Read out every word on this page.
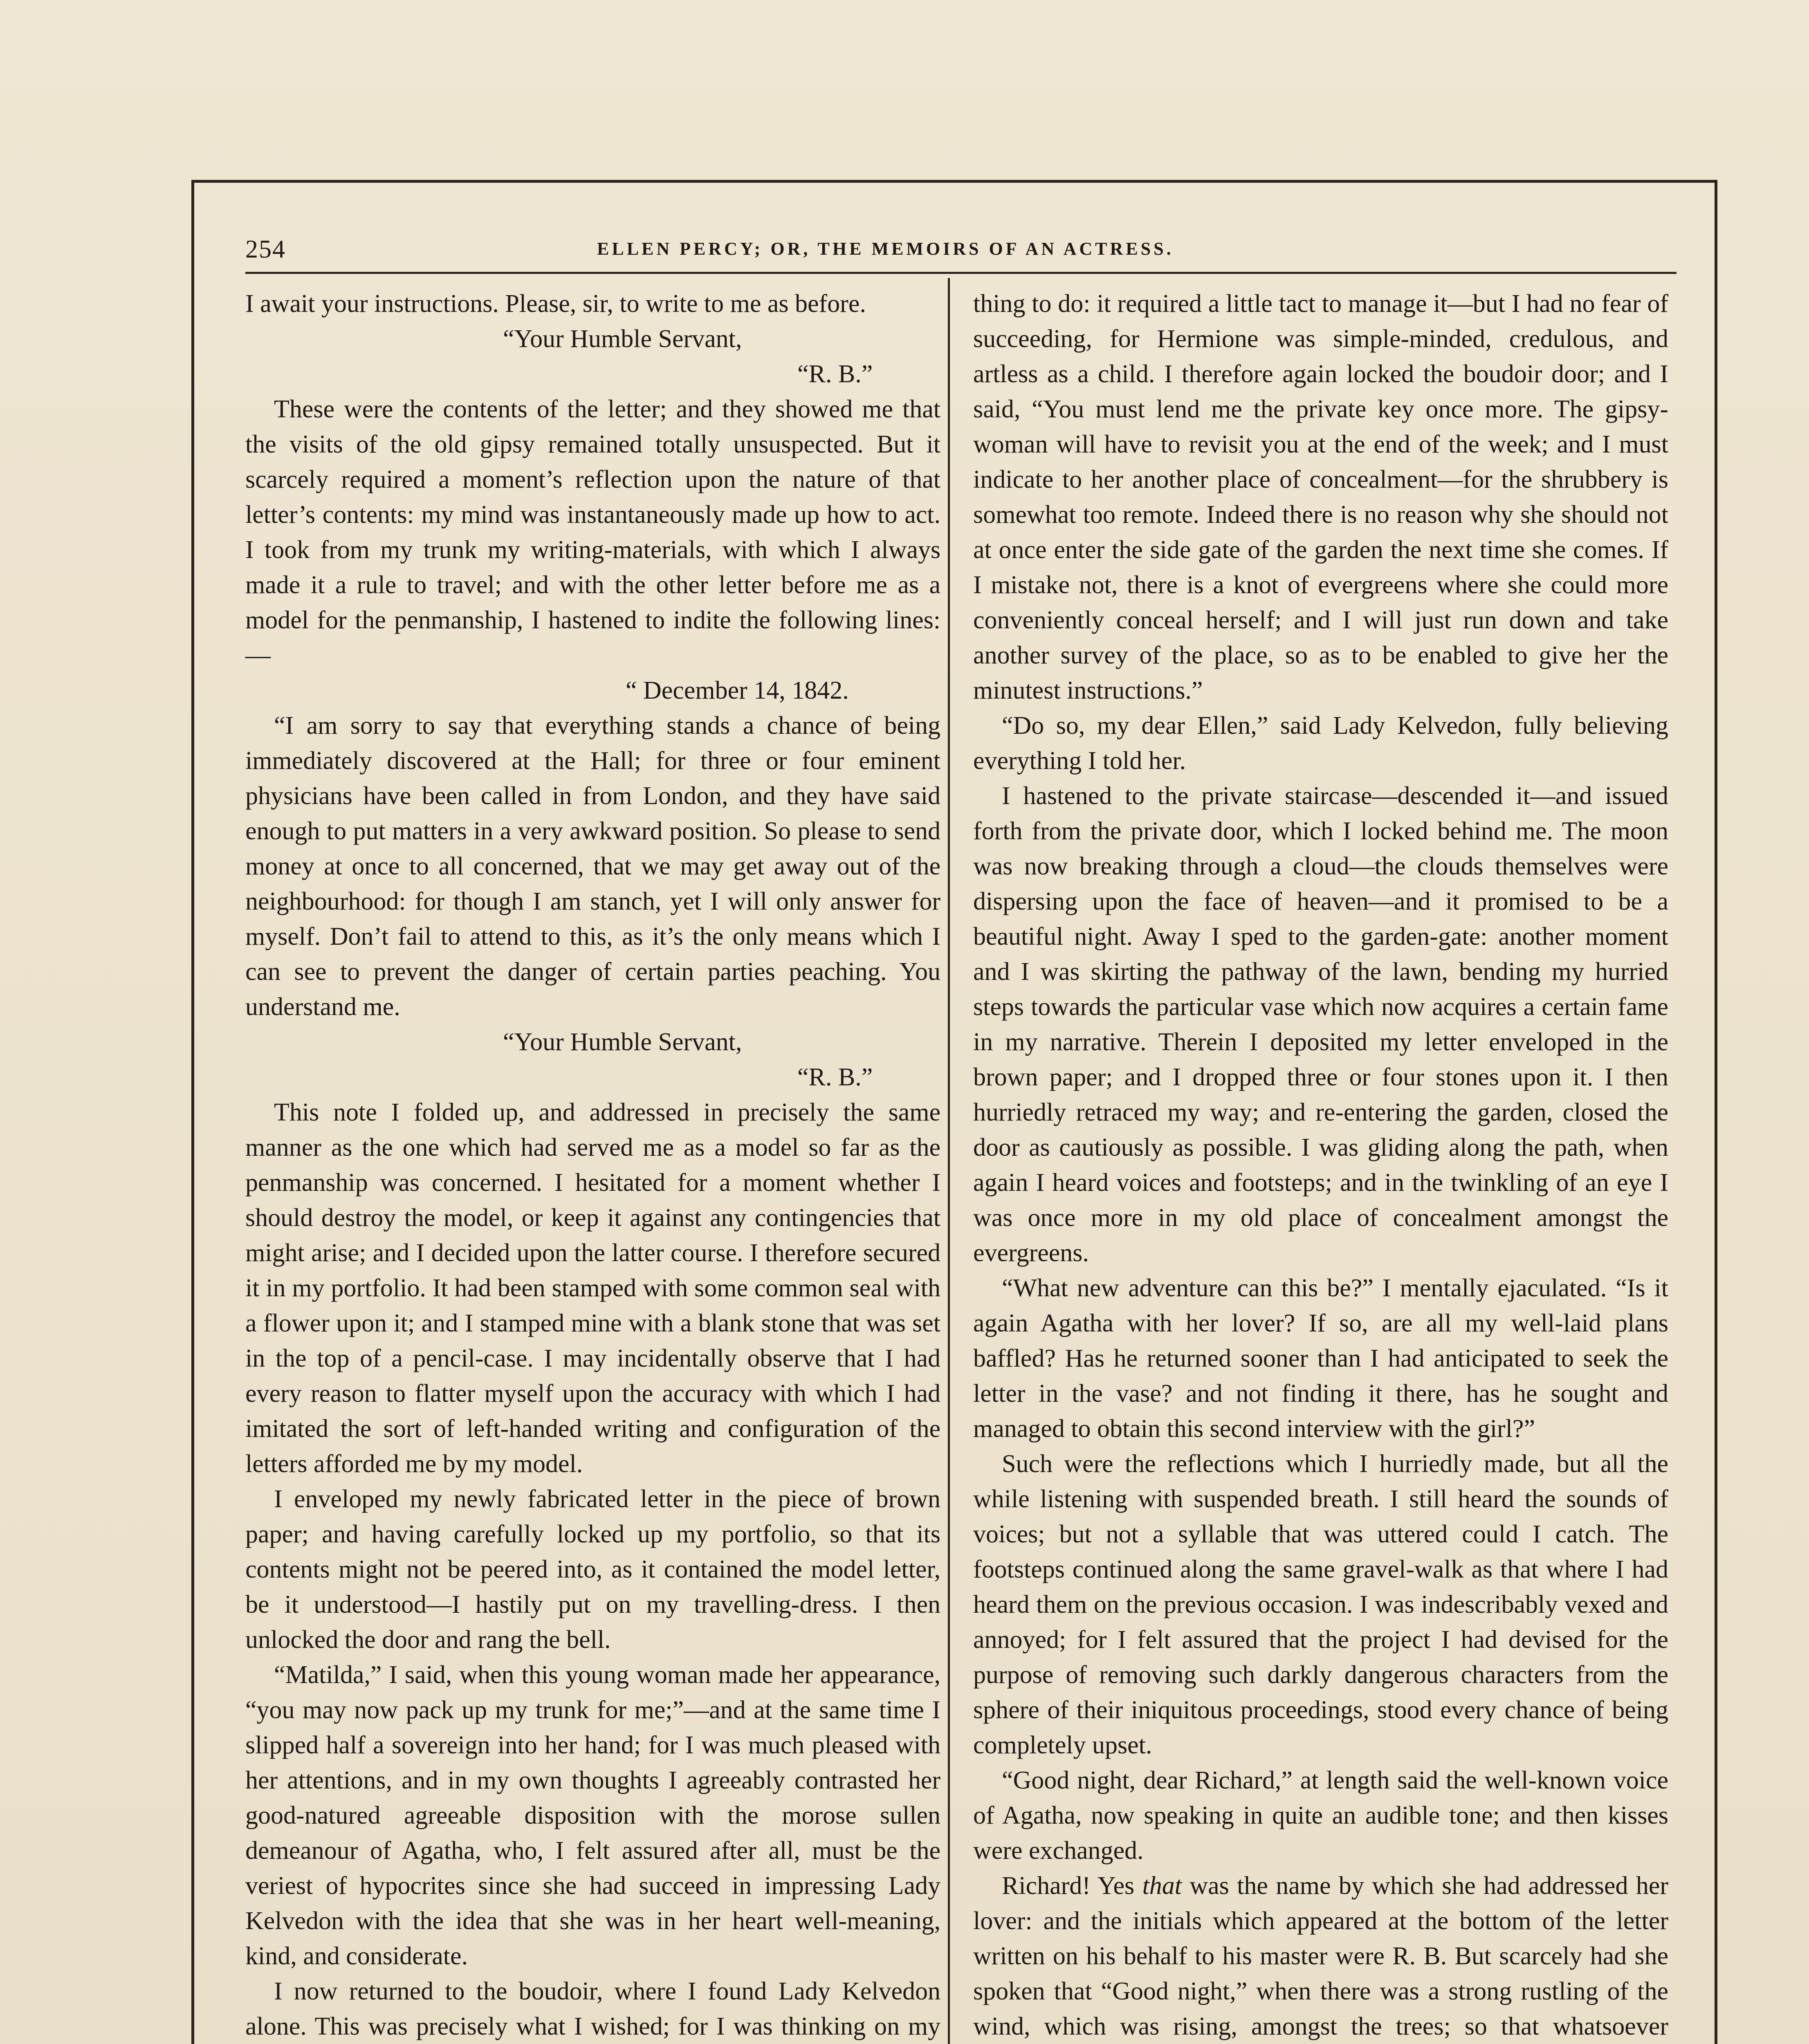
254	ELLEN PERCY; OR, THE MEMOIRS OF AN ACTRESS.

I await your instructions. Please, sir, to write to me as before.

“Your Humble Servant,

“R. B.”

These were the contents of the letter; and they showed me that the visits of the old gipsy remained totally unsuspected. But it scarcely required a moment’s reflection upon the nature of that letter’s contents: my mind was instantaneously made up how to act. I took from my trunk my writing-materials, with which I always made it a rule to travel; and with the other letter before me as a model for the penmanship, I hastened to indite the following lines:—

“ December 14, 1842.

“I am sorry to say that everything stands a chance of being immediately discovered at the Hall; for three or four eminent physicians have been called in from London, and they have said enough to put matters in a very awkward position. So please to send money at once to all concerned, that we may get away out of the neighbourhood: for though I am stanch, yet I will only answer for myself. Don’t fail to attend to this, as it’s the only means which I can see to prevent the danger of certain parties peaching. You understand me.

“Your Humble Servant,

“R. B.”

This note I folded up, and addressed in precisely the same manner as the one which had served me as a model so far as the penmanship was concerned. I hesitated for a moment whether I should destroy the model, or keep it against any contingencies that might arise; and I decided upon the latter course. I therefore secured it in my portfolio. It had been stamped with some common seal with a flower upon it; and I stamped mine with a blank stone that was set in the top of a pencil-case. I may incidentally observe that I had every reason to flatter myself upon the accuracy with which I had imitated the sort of left-handed writing and configuration of the letters afforded me by my model.

I enveloped my newly fabricated letter in the piece of brown paper; and having carefully locked up my portfolio, so that its contents might not be peered into, as it contained the model letter, be it understood—I hastily put on my travelling-dress. I then unlocked the door and rang the bell.

“Matilda,” I said, when this young woman made her appearance, “you may now pack up my trunk for me;”—and at the same time I slipped half a sovereign into her hand; for I was much pleased with her attentions, and in my own thoughts I agreeably contrasted her good-natured agreeable disposition with the morose sullen demeanour of Agatha, who, I felt assured after all, must be the veriest of hypocrites since she had succeed in impressing Lady Kelvedon with the idea that she was in her heart well-meaning, kind, and considerate.

I now returned to the boudoir, where I found Lady Kelvedon alone. This was precisely what I wished; for I was thinking on my

thing to do: it required a little tact to manage it—but I had no fear of succeeding, for Hermione was simple-minded, credulous, and artless as a child. I therefore again locked the boudoir door; and I said, “You must lend me the private key once more. The gipsy-woman will have to revisit you at the end of the week; and I must indicate to her another place of concealment—for the shrubbery is somewhat too remote. Indeed there is no reason why she should not at once enter the side gate of the garden the next time she comes. If I mistake not, there is a knot of evergreens where she could more conveniently conceal herself; and I will just run down and take another survey of the place, so as to be enabled to give her the minutest instructions.”

“Do so, my dear Ellen,” said Lady Kelvedon, fully believing everything I told her.

I hastened to the private staircase—descended it—and issued forth from the private door, which I locked behind me. The moon was now breaking through a cloud—the clouds themselves were dispersing upon the face of heaven—and it promised to be a beautiful night. Away I sped to the garden-gate: another moment and I was skirting the pathway of the lawn, bending my hurried steps towards the particular vase which now acquires a certain fame in my narrative. Therein I deposited my letter enveloped in the brown paper; and I dropped three or four stones upon it. I then hurriedly retraced my way; and re-entering the garden, closed the door as cautiously as possible. I was gliding along the path, when again I heard voices and footsteps; and in the twinkling of an eye I was once more in my old place of concealment amongst the evergreens.

“What new adventure can this be?” I mentally ejaculated. “Is it again Agatha with her lover? If so, are all my well-laid plans baffled? Has he returned sooner than I had anticipated to seek the letter in the vase? and not finding it there, has he sought and managed to obtain this second interview with the girl?”

Such were the reflections which I hurriedly made, but all the while listening with suspended breath. I still heard the sounds of voices; but not a syllable that was uttered could I catch. The footsteps continued along the same gravel-walk as that where I had heard them on the previous occasion. I was indescribably vexed and annoyed; for I felt assured that the project I had devised for the purpose of removing such darkly dangerous characters from the sphere of their iniquitous proceedings, stood every chance of being completely upset.

“Good night, dear Richard,” at length said the well-known voice of Agatha, now speaking in quite an audible tone; and then kisses were exchanged.

Richard! Yes that was the name by which she had addressed her lover: and the initials which appeared at the bottom of the letter written on his behalf to his master were R. B. But scarcely had she spoken that “Good night,” when there was a strong rustling of the wind, which was rising, amongst the trees; so that whatsoever
